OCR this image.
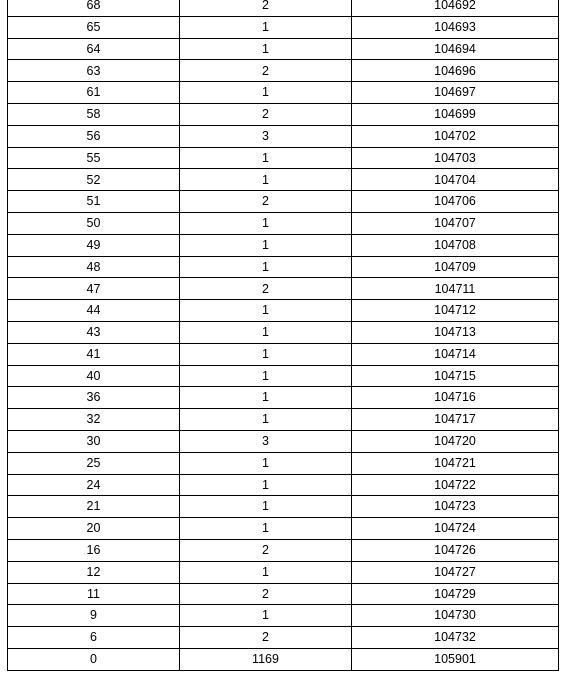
68	2	104692
65	1	104693
64	1	104694
63	2	104696
61	1	104697
58	2	104699
56	3	104702
55	1	104703
52	1	104704
51	2	104706
50	1	104707
49	1	104708
48	1	104709
47	2	104711
44	1	104712
43	1	104713
41	1	104714
40	1	104715
36	1	104716
32	1	104717
30	3	104720
25	1	104721
24	1	104722
21	1	104723
20	1	104724
16	2	104726
12	1	104727
11	2	104729
9	1	104730
6	2	104732
0	1169	105901
